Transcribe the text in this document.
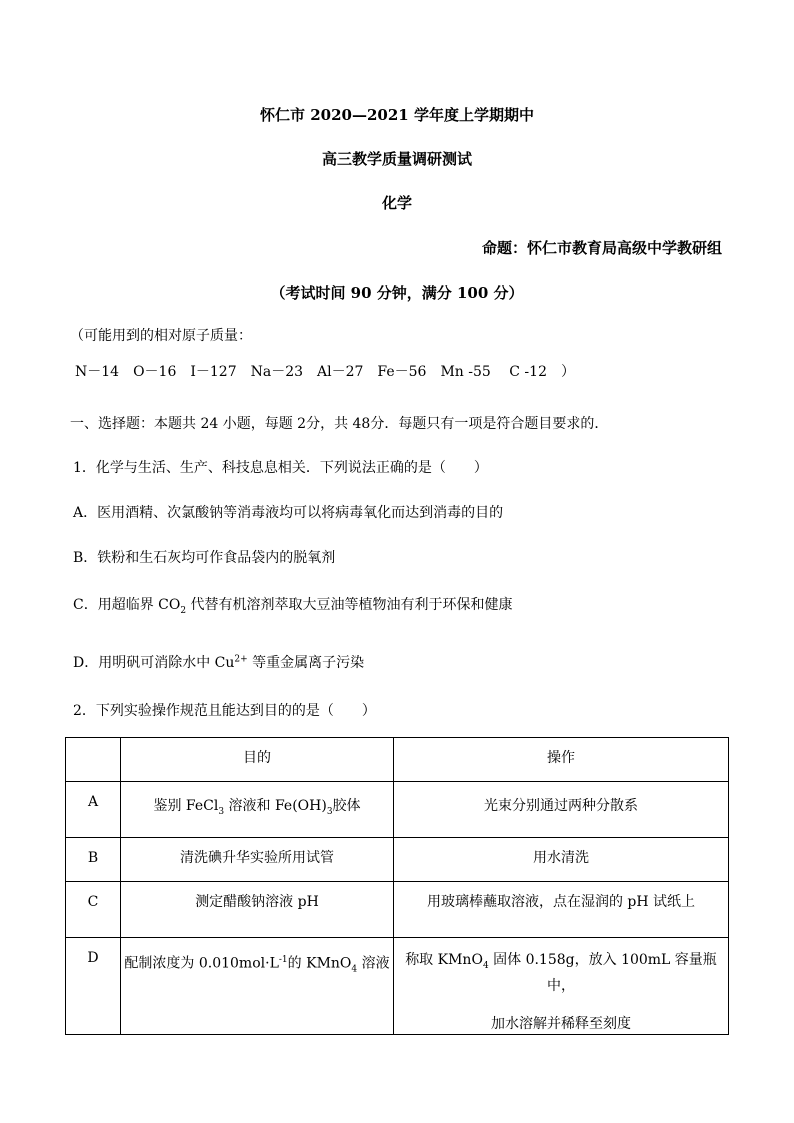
怀仁市 2020—2021 学年度上学期期中
高三教学质量调研测试
化学
命题：怀仁市教育局高级中学教研组
（考试时间 90 分钟，满分 100 分）
（可能用到的相对原子质量：
N－14　O－16　I－127　Na－23　Al－27　Fe－56　Mn -55　 C -12　）
一、选择题：本题共 24 小题，每题 2分，共 48分．每题只有一项是符合题目要求的．
1．化学与生活、生产、科技息息相关．下列说法正确的是（　　）
A．医用酒精、次氯酸钠等消毒液均可以将病毒氧化而达到消毒的目的
B．铁粉和生石灰均可作食品袋内的脱氧剂
C．用超临界 $CO_2$ 代替有机溶剂萃取大豆油等植物油有利于环保和健康
D．用明矾可消除水中 $Cu^{2+}$ 等重金属离子污染
2．下列实验操作规范且能达到目的的是（　　）

	目的	操作

A	鉴别 FeCl$_3$ 溶液和 $Fe(OH)_3$胶体	光束分别通过两种分散系

B	清洗碘升华实验所用试管	用水清洗

C	测定醋酸钠溶液 pH	用玻璃棒蘸取溶液，点在湿润的 pH 试纸上

D	配制浓度为 $0.010mol\cdot L^{-1}$的 KMnO$_4$ 溶液	称取 KMnO$_4$ 固体 0.158g，放入 100mL 容量瓶中，
加水溶解并稀释至刻度
